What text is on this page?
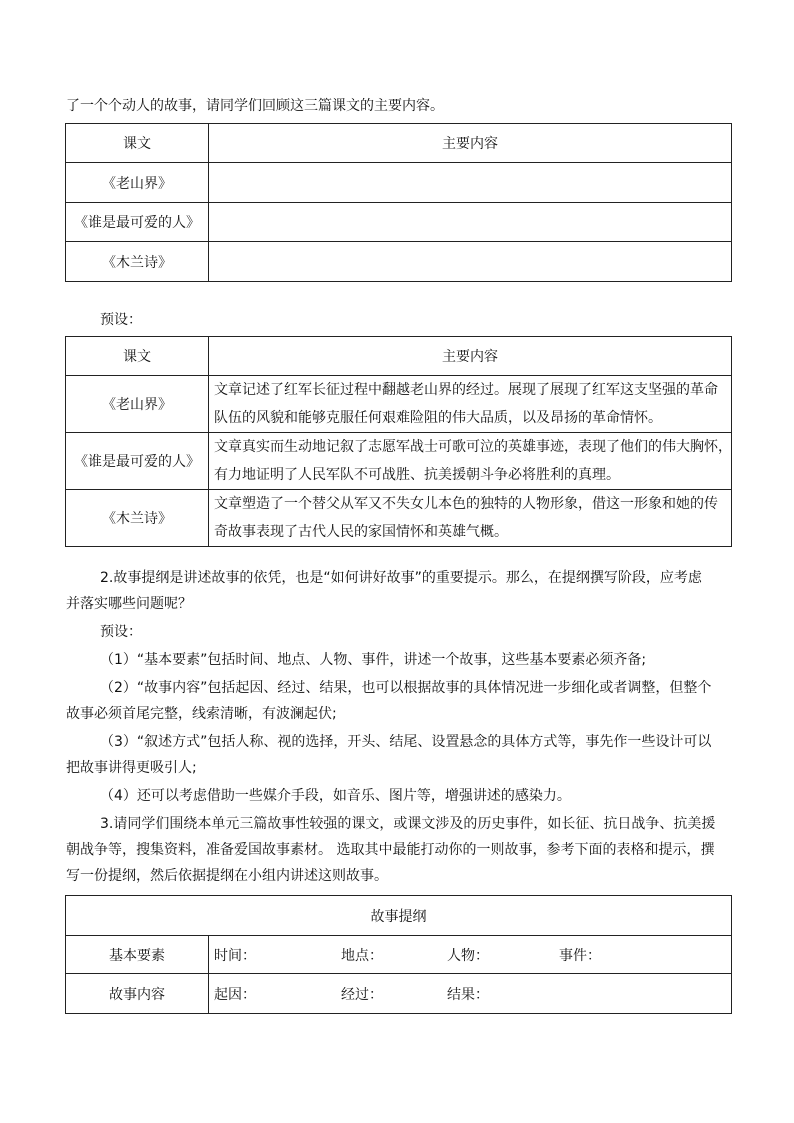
了一个个动人的故事，请同学们回顾这三篇课文的主要内容。
课文	主要内容
《老山界》	
《谁是最可爱的人》	
《木兰诗》	
预设：
课文	主要内容
《老山界》	文章记述了红军长征过程中翻越老山界的经过。展现了展现了红军这支坚强的革命
队伍的风貌和能够克服任何艰难险阻的伟大品质，以及昂扬的革命情怀。

《谁是最可爱的人》	文章真实而生动地记叙了志愿军战士可歌可泣的英雄事迹，表现了他们的伟大胸怀，
有力地证明了人民军队不可战胜、抗美援朝斗争必将胜利的真理。

《木兰诗》	文章塑造了一个替父从军又不失女儿本色的独特的人物形象，借这一形象和她的传
奇故事表现了古代人民的家国情怀和英雄气概。
2.故事提纲是讲述故事的依凭，也是“如何讲好故事”的重要提示。那么，在提纲撰写阶段，应考虑
并落实哪些问题呢？
预设：
（1）“基本要素”包括时间、地点、人物、事件，讲述一个故事，这些基本要素必须齐备;
（2）“故事内容”包括起因、经过、结果，也可以根据故事的具体情况进一步细化或者调整，但整个
故事必须首尾完整，线索清晰，有波澜起伏;
（3）“叙述方式”包括人称、视的选择，开头、结尾、设置悬念的具体方式等，事先作一些设计可以
把故事讲得更吸引人;
（4）还可以考虑借助一些媒介手段，如音乐、图片等，增强讲述的感染力。
3.请同学们围绕本单元三篇故事性较强的课文，或课文涉及的历史事件，如长征、抗日战争、抗美援
朝战争等，搜集资料，准备爱国故事素材。 选取其中最能打动你的一则故事，参考下面的表格和提示，撰
写一份提纲，然后依据提纲在小组内讲述这则故事。
故事提纲	
基本要素	时间： 地点： 人物： 事件：

故事内容	起因： 经过： 结果：
